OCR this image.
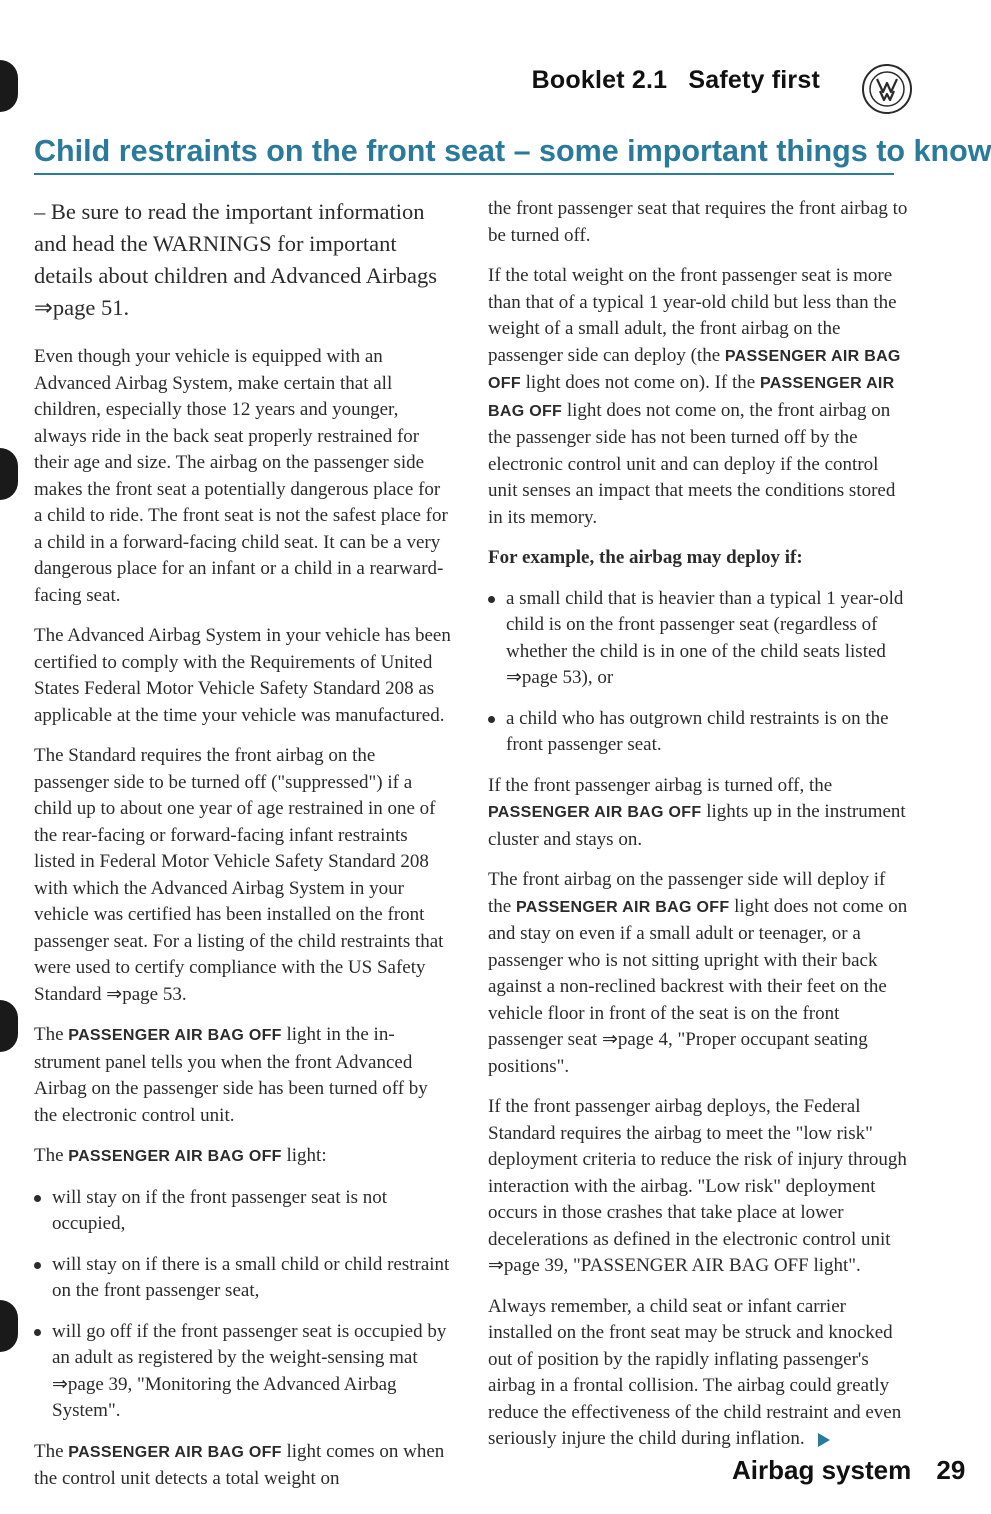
Booklet 2.1 Safety first
Child restraints on the front seat – some important things to know

– Be sure to read the important information and head the WARNINGS for important details about children and Advanced Airbags ⇒page 51.

Even though your vehicle is equipped with an Advanced Airbag System, make certain that all children, especially those 12 years and younger, always ride in the back seat properly restrained for their age and size. The airbag on the passenger side makes the front seat a potentially dangerous place for a child to ride. The front seat is not the safest place for a child in a forward-facing child seat. It can be a very dangerous place for an infant or a child in a rearward-facing seat.

The Advanced Airbag System in your vehicle has been certified to comply with the Requirements of United States Federal Motor Vehicle Safety Standard 208 as applicable at the time your vehicle was manufactured.

The Standard requires the front airbag on the passenger side to be turned off ("suppressed") if a child up to about one year of age restrained in one of the rear-facing or forward-facing infant restraints listed in Federal Motor Vehicle Safety Standard 208 with which the Advanced Airbag System in your vehicle was certified has been installed on the front passenger seat. For a listing of the child restraints that were used to certify compliance with the US Safety Standard ⇒page 53.

The PASSENGER AIR BAG OFF light in the instrument panel tells you when the front Advanced Airbag on the passenger side has been turned off by the electronic control unit.

The PASSENGER AIR BAG OFF light:

will stay on if the front passenger seat is not occupied,

will stay on if there is a small child or child restraint on the front passenger seat,

will go off if the front passenger seat is occupied by an adult as registered by the weight-sensing mat ⇒page 39, "Monitoring the Advanced Airbag System".

The PASSENGER AIR BAG OFF light comes on when the control unit detects a total weight on

the front passenger seat that requires the front airbag to be turned off.

If the total weight on the front passenger seat is more than that of a typical 1 year-old child but less than the weight of a small adult, the front airbag on the passenger side can deploy (the PASSENGER AIR BAG OFF light does not come on). If the PASSENGER AIR BAG OFF light does not come on, the front airbag on the passenger side has not been turned off by the electronic control unit and can deploy if the control unit senses an impact that meets the conditions stored in its memory.

For example, the airbag may deploy if:

a small child that is heavier than a typical 1 year-old child is on the front passenger seat (regardless of whether the child is in one of the child seats listed ⇒page 53), or

a child who has outgrown child restraints is on the front passenger seat.

If the front passenger airbag is turned off, the PASSENGER AIR BAG OFF lights up in the instrument cluster and stays on.

The front airbag on the passenger side will deploy if the PASSENGER AIR BAG OFF light does not come on and stay on even if a small adult or teenager, or a passenger who is not sitting upright with their back against a non-reclined backrest with their feet on the vehicle floor in front of the seat is on the front passenger seat ⇒page 4, "Proper occupant seating positions".

If the front passenger airbag deploys, the Federal Standard requires the airbag to meet the "low risk" deployment criteria to reduce the risk of injury through interaction with the airbag. "Low risk" deployment occurs in those crashes that take place at lower decelerations as defined in the electronic control unit ⇒page 39, "PASSENGER AIR BAG OFF light".

Always remember, a child seat or infant carrier installed on the front seat may be struck and knocked out of position by the rapidly inflating passenger's airbag in a frontal collision. The airbag could greatly reduce the effectiveness of the child restraint and even seriously injure the child during inflation.

Airbag system 29
